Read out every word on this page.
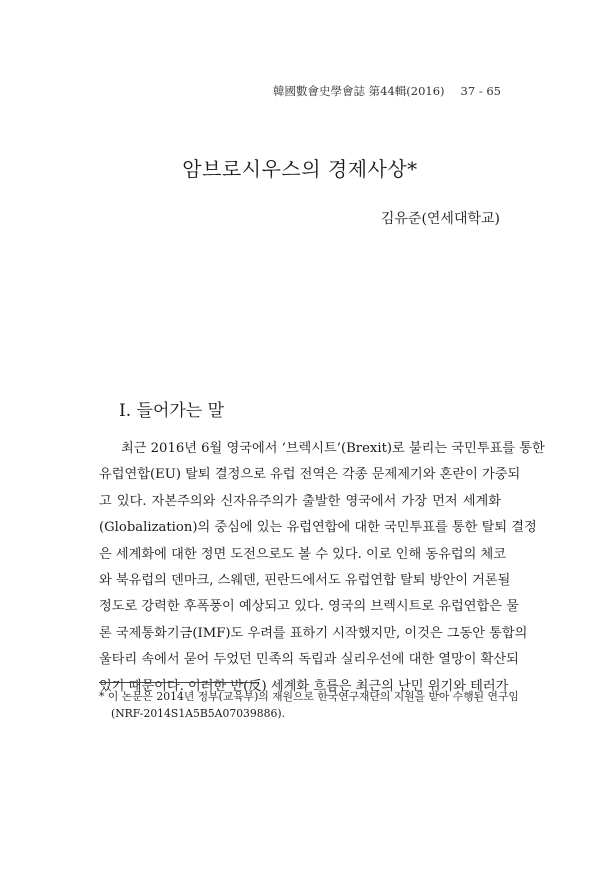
韓國數會史學會誌 第44輯(2016) 37 - 65
암브로시우스의 경제사상*
김유준(연세대학교)
Ⅰ. 들어가는 말
최근 2016년 6월 영국에서 ‘브렉시트’(Brexit)로 불리는 국민투표를 통한
유럽연합(EU) 탈퇴 결정으로 유럽 전역은 각종 문제제기와 혼란이 가중되
고 있다. 자본주의와 신자유주의가 출발한 영국에서 가장 먼저 세계화
(Globalization)의 중심에 있는 유럽연합에 대한 국민투표를 통한 탈퇴 결정
은 세계화에 대한 정면 도전으로도 볼 수 있다. 이로 인해 동유럽의 체코
와 북유럽의 덴마크, 스웨덴, 핀란드에서도 유럽연합 탈퇴 방안이 거론될
정도로 강력한 후폭풍이 예상되고 있다. 영국의 브렉시트로 유럽연합은 물
론 국제통화기금(IMF)도 우려를 표하기 시작했지만, 이것은 그동안 통합의
울타리 속에서 묻어 두었던 민족의 독립과 실리우선에 대한 열망이 확산되
었기 때문이다. 이러한 반(反) 세계화 흐름은 최근의 난민 위기와 테러가
* 이 논문은 2014년 정부(교육부)의 재원으로 한국연구재단의 지원을 받아 수행된 연구임
(NRF-2014S1A5B5A07039886).
